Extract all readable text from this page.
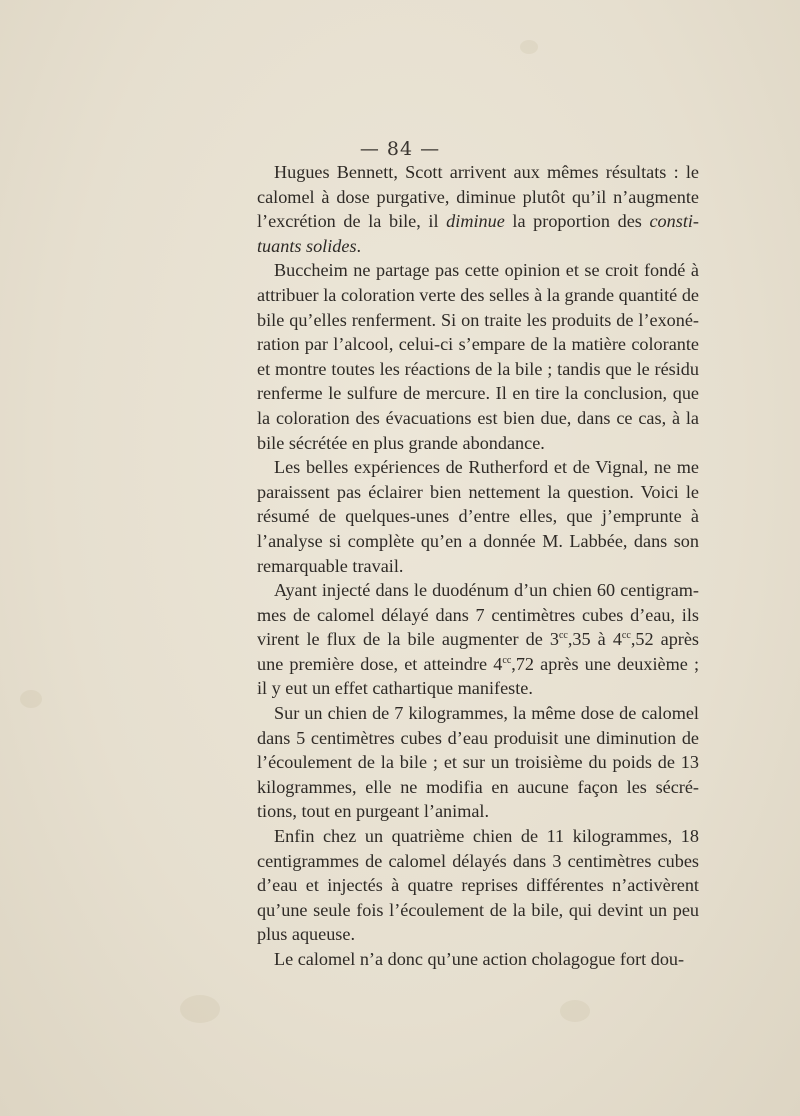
— 84 —

Hugues Bennett, Scott arrivent aux mêmes résultats : le calomel à dose purgative, diminue plutôt qu’il n’augmente l’excrétion de la bile, il diminue la proportion des consti-tuants solides.

Buccheim ne partage pas cette opinion et se croit fondé à attribuer la coloration verte des selles à la grande quantité de bile qu’elles renferment. Si on traite les produits de l’exoné-ration par l’alcool, celui-ci s’empare de la matière colorante et montre toutes les réactions de la bile ; tandis que le résidu renferme le sulfure de mercure. Il en tire la conclusion, que la coloration des évacuations est bien due, dans ce cas, à la bile sécrétée en plus grande abondance.

Les belles expériences de Rutherford et de Vignal, ne me paraissent pas éclairer bien nettement la question. Voici le résumé de quelques-unes d’entre elles, que j’emprunte à l’analyse si complète qu’en a donnée M. Labbée, dans son remarquable travail.

Ayant injecté dans le duodénum d’un chien 60 centigram-mes de calomel délayé dans 7 centimètres cubes d’eau, ils virent le flux de la bile augmenter de $3^{cc},35$ à $4^{cc},52$ après une première dose, et atteindre $4^{cc},72$ après une deuxième ; il y eut un effet cathartique manifeste.

Sur un chien de 7 kilogrammes, la même dose de calomel dans 5 centimètres cubes d’eau produisit une diminution de l’écoulement de la bile ; et sur un troisième du poids de 13 kilogrammes, elle ne modifia en aucune façon les sécré-tions, tout en purgeant l’animal.

Enfin chez un quatrième chien de 11 kilogrammes, 18 centigrammes de calomel délayés dans 3 centimètres cubes d’eau et injectés à quatre reprises différentes n’activèrent qu’une seule fois l’écoulement de la bile, qui devint un peu plus aqueuse.

Le calomel n’a donc qu’une action cholagogue fort dou-
